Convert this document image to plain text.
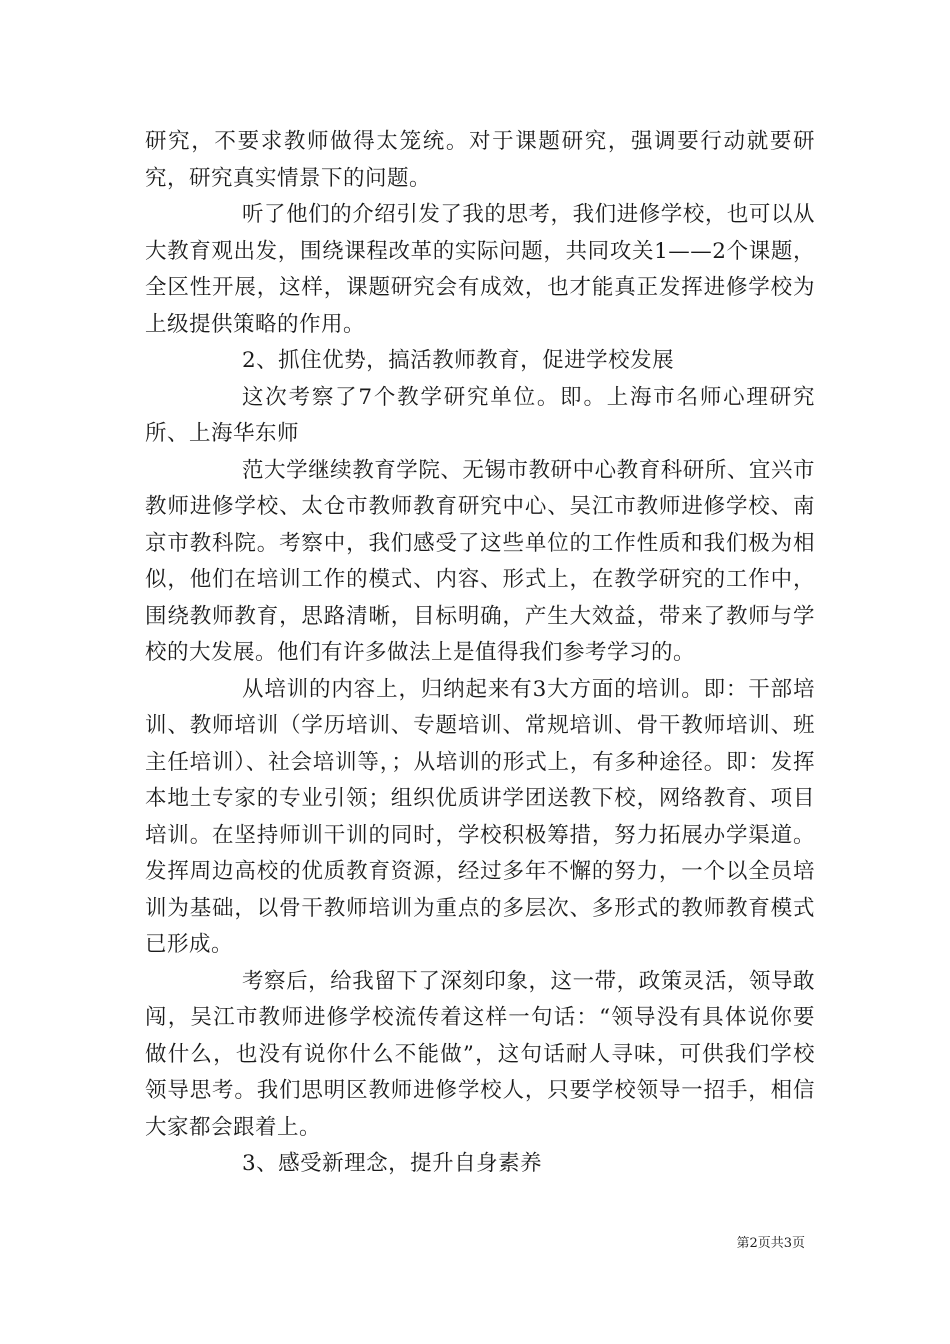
研究，不要求教师做得太笼统。对于课题研究，强调要行动就要研究，研究真实情景下的问题。

听了他们的介绍引发了我的思考，我们进修学校，也可以从大教育观出发，围绕课程改革的实际问题，共同攻关1——2个课题，全区性开展，这样，课题研究会有成效，也才能真正发挥进修学校为上级提供策略的作用。

2、抓住优势，搞活教师教育，促进学校发展

这次考察了7个教学研究单位。即。上海市名师心理研究所、上海华东师

范大学继续教育学院、无锡市教研中心教育科研所、宜兴市教师进修学校、太仓市教师教育研究中心、吴江市教师进修学校、南京市教科院。考察中，我们感受了这些单位的工作性质和我们极为相似，他们在培训工作的模式、内容、形式上，在教学研究的工作中，围绕教师教育，思路清晰，目标明确，产生大效益，带来了教师与学校的大发展。他们有许多做法上是值得我们参考学习的。

从培训的内容上，归纳起来有3大方面的培训。即：干部培训、教师培训（学历培训、专题培训、常规培训、骨干教师培训、班主任培训）、社会培训等，；从培训的形式上，有多种途径。即：发挥本地土专家的专业引领；组织优质讲学团送教下校，网络教育、项目培训。在坚持师训干训的同时，学校积极筹措，努力拓展办学渠道。发挥周边高校的优质教育资源，经过多年不懈的努力，一个以全员培训为基础，以骨干教师培训为重点的多层次、多形式的教师教育模式已形成。

考察后，给我留下了深刻印象，这一带，政策灵活，领导敢闯，吴江市教师进修学校流传着这样一句话：“领导没有具体说你要做什么，也没有说你什么不能做”，这句话耐人寻味，可供我们学校领导思考。我们思明区教师进修学校人，只要学校领导一招手，相信大家都会跟着上。

3、感受新理念，提升自身素养

第2页共3页
